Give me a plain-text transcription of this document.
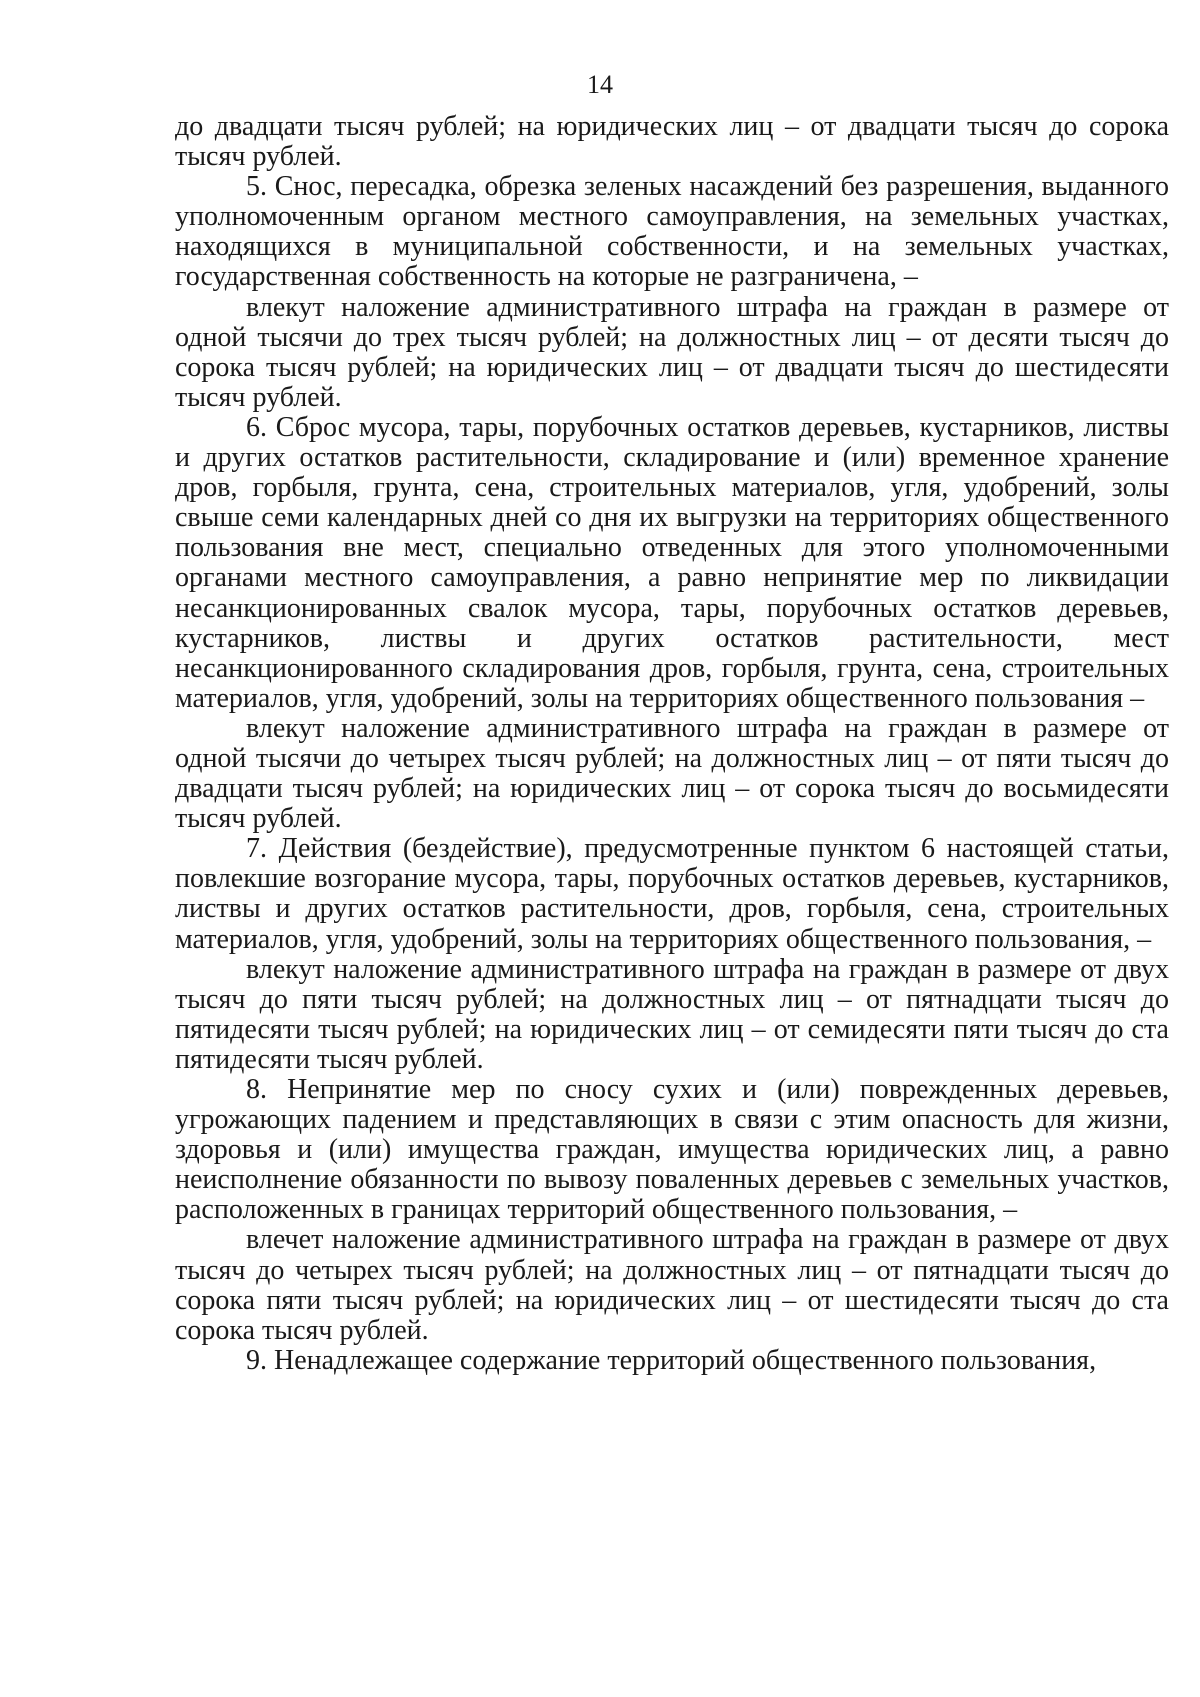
14

до двадцати тысяч рублей; на юридических лиц – от двадцати тысяч до сорока тысяч рублей.

5. Снос, пересадка, обрезка зеленых насаждений без разрешения, выданного уполномоченным органом местного самоуправления, на земельных участках, находящихся в муниципальной собственности, и на земельных участках, государственная собственность на которые не разграничена, –

влекут наложение административного штрафа на граждан в размере от одной тысячи до трех тысяч рублей; на должностных лиц – от десяти тысяч до сорока тысяч рублей; на юридических лиц – от двадцати тысяч до шестидесяти тысяч рублей.

6. Сброс мусора, тары, порубочных остатков деревьев, кустарников, листвы и других остатков растительности, складирование и (или) временное хранение дров, горбыля, грунта, сена, строительных материалов, угля, удобрений, золы свыше семи календарных дней со дня их выгрузки на территориях общественного пользования вне мест, специально отведенных для этого уполномоченными органами местного самоуправления, а равно непринятие мер по ликвидации несанкционированных свалок мусора, тары, порубочных остатков деревьев, кустарников, листвы и других остатков растительности, мест несанкционированного складирования дров, горбыля, грунта, сена, строительных материалов, угля, удобрений, золы на территориях общественного пользования –

влекут наложение административного штрафа на граждан в размере от одной тысячи до четырех тысяч рублей; на должностных лиц – от пяти тысяч до двадцати тысяч рублей; на юридических лиц – от сорока тысяч до восьмидесяти тысяч рублей.

7. Действия (бездействие), предусмотренные пунктом 6 настоящей статьи, повлекшие возгорание мусора, тары, порубочных остатков деревьев, кустарников, листвы и других остатков растительности, дров, горбыля, сена, строительных материалов, угля, удобрений, золы на территориях общественного пользования, –

влекут наложение административного штрафа на граждан в размере от двух тысяч до пяти тысяч рублей; на должностных лиц – от пятнадцати тысяч до пятидесяти тысяч рублей; на юридических лиц – от семидесяти пяти тысяч до ста пятидесяти тысяч рублей.

8. Непринятие мер по сносу сухих и (или) поврежденных деревьев, угрожающих падением и представляющих в связи с этим опасность для жизни, здоровья и (или) имущества граждан, имущества юридических лиц, а равно неисполнение обязанности по вывозу поваленных деревьев с земельных участков, расположенных в границах территорий общественного пользования, –

влечет наложение административного штрафа на граждан в размере от двух тысяч до четырех тысяч рублей; на должностных лиц – от пятнадцати тысяч до сорока пяти тысяч рублей; на юридических лиц – от шестидесяти тысяч до ста сорока тысяч рублей.

9. Ненадлежащее содержание территорий общественного пользования,
